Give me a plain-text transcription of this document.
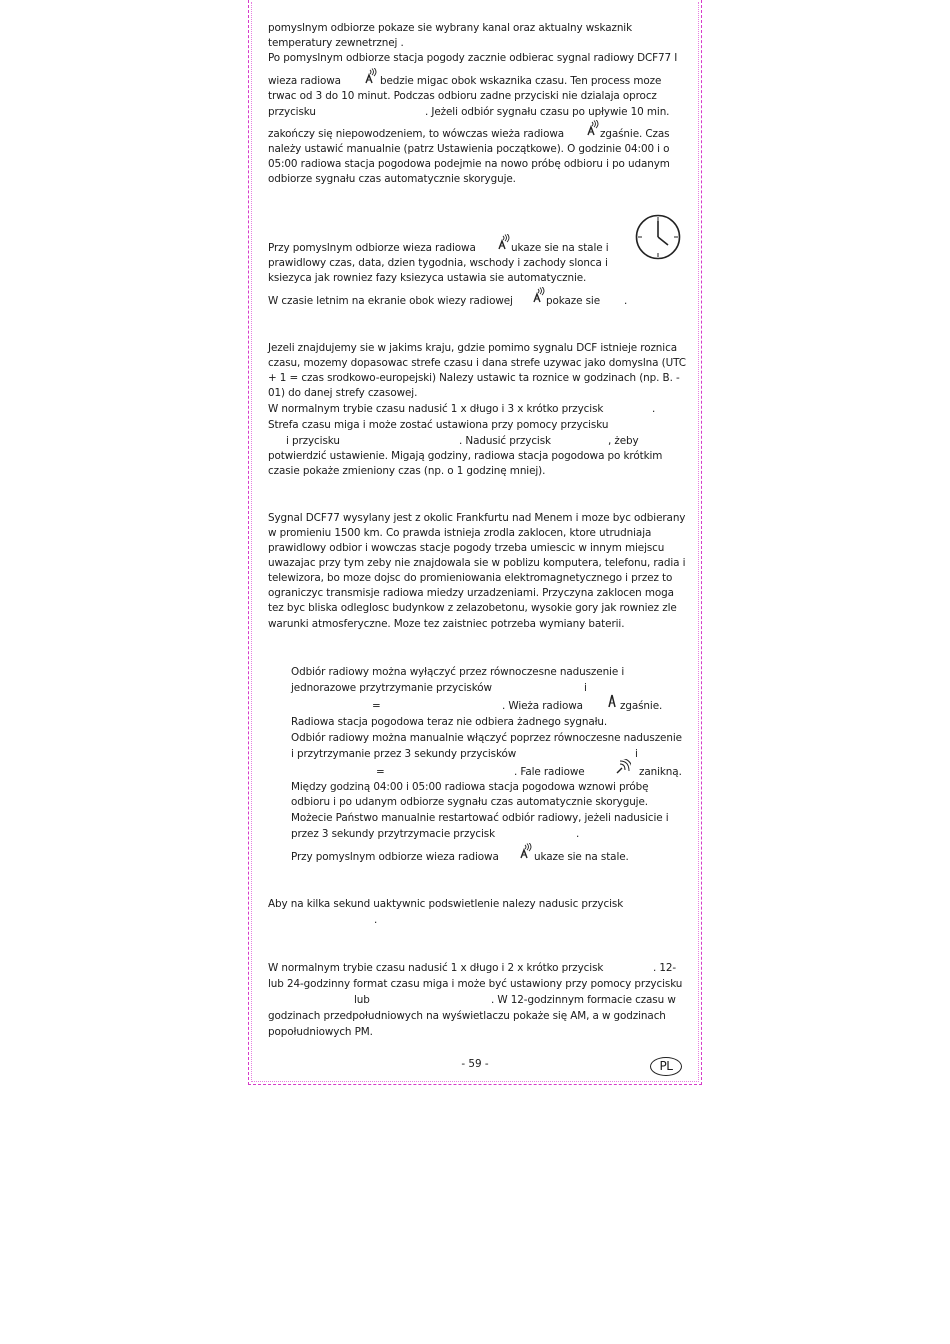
pomyslnym odbiorze pokaze sie wybrany kanal oraz aktualny wskaznik
temperatury zewnetrznej .
Po pomyslnym odbiorze stacja pogody zacznie odbierac sygnal radiowy DCF77 I
wieza radiowa	bedzie migac obok wskaznika czasu. Ten process moze
trwac od 3 do 10 minut. Podczas odbioru zadne przyciski nie dzialaja oprocz
przycisku	. Jeżeli odbiór sygnału czasu po upływie 10 min.
zakończy się niepowodzeniem, to wówczas wieża radiowa	zgaśnie. Czas
należy ustawić manualnie (patrz Ustawienia początkowe). O godzinie 04:00 i o
05:00 radiowa stacja pogodowa podejmie na nowo próbę odbioru i po udanym
odbiorze sygnału czas automatycznie skoryguje.
Przy pomyslnym odbiorze wieza radiowa	ukaze sie na stale i
prawidlowy czas, data, dzien tygodnia, wschody i zachody slonca i
ksiezyca jak rowniez fazy ksiezyca ustawia sie automatycznie.
W czasie letnim na ekranie obok wiezy radiowej	pokaze sie .
Jezeli znajdujemy sie w jakims kraju, gdzie pomimo sygnalu DCF istnieje roznica
czasu, mozemy dopasowac strefe czasu i dana strefe uzywac jako domyslna (UTC
+ 1 = czas srodkowo-europejski) Nalezy ustawic ta roznice w godzinach (np. B. -
01) do danej strefy czasowej.
W normalnym trybie czasu nadusić 1 x długo i 3 x krótko przycisk	.
Strefa czasu miga i może zostać ustawiona przy pomocy przycisku
i przycisku	. Nadusić przycisk	, żeby
potwierdzić ustawienie. Migają godziny, radiowa stacja pogodowa po krótkim
czasie pokaże zmieniony czas (np. o 1 godzinę mniej).
Sygnal DCF77 wysylany jest z okolic Frankfurtu nad Menem i moze byc odbierany
w promieniu 1500 km. Co prawda istnieja zrodla zaklocen, ktore utrudniaja
prawidlowy odbior i wowczas stacje pogody trzeba umiescic w innym miejscu
uwazajac przy tym zeby nie znajdowala sie w poblizu komputera, telefonu, radia i
telewizora, bo moze dojsc do promieniowania elektromagnetycznego i przez to
ograniczyc transmisje radiowa miedzy urzadzeniami. Przyczyna zaklocen moga
tez byc bliska odleglosc budynkow z zelazobetonu, wysokie gory jak rowniez zle
warunki atmosferyczne. Moze tez zaistniec potrzeba wymiany baterii.
Odbiór radiowy można wyłączyć przez równoczesne naduszenie i
jednorazowe przytrzymanie przycisków	i
=	. Wieża radiowa	zgaśnie.
Radiowa stacja pogodowa teraz nie odbiera żadnego sygnału.
Odbiór radiowy można manualnie włączyć poprzez równoczesne naduszenie
i przytrzymanie przez 3 sekundy przycisków	i
=	. Fale radiowe	zanikną.
Między godziną 04:00 i 05:00 radiowa stacja pogodowa wznowi próbę
odbioru i po udanym odbiorze sygnału czas automatycznie skoryguje.
Możecie Państwo manualnie restartować odbiór radiowy, jeżeli nadusicie i
przez 3 sekundy przytrzymacie przycisk	.
Przy pomyslnym odbiorze wieza radiowa	ukaze sie na stale.
Aby na kilka sekund uaktywnic podswietlenie nalezy nadusic przycisk
.
W normalnym trybie czasu nadusić 1 x długo i 2 x krótko przycisk	. 12-
lub 24-godzinny format czasu miga i może być ustawiony przy pomocy przycisku
lub	. W 12-godzinnym formacie czasu w
godzinach przedpołudniowych na wyświetlaczu pokaże się AM, a w godzinach
popołudniowych PM.
- 59 -	PL
